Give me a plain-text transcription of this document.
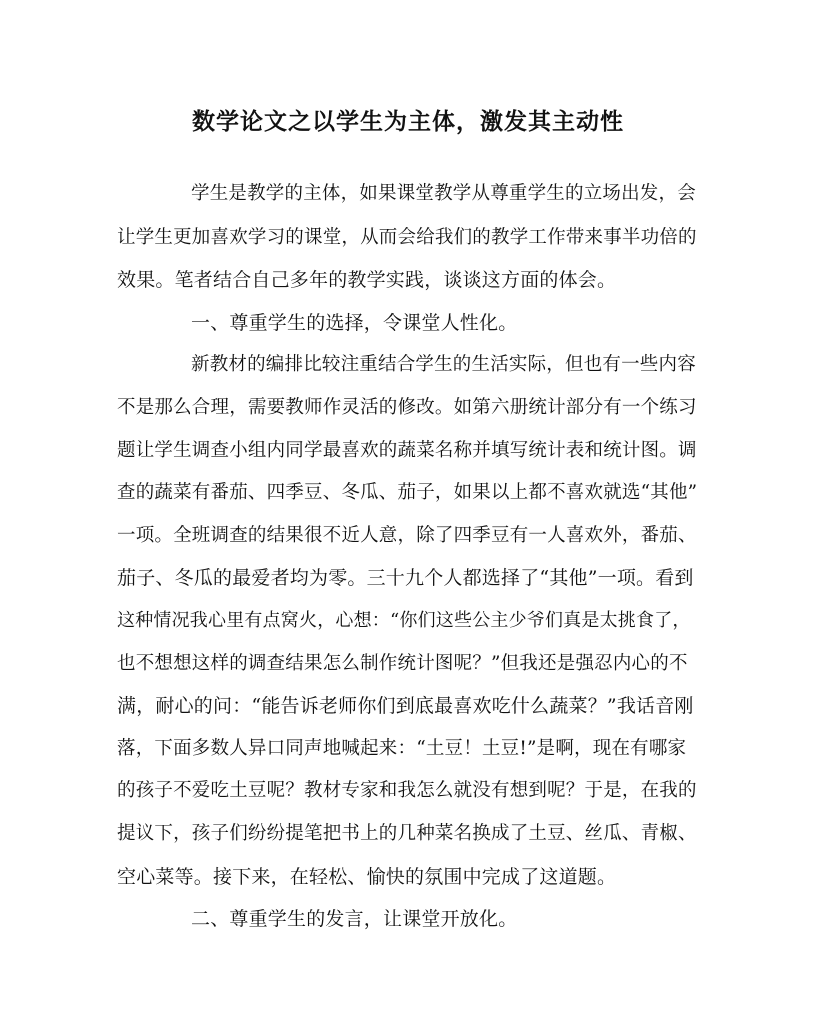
数学论文之以学生为主体，激发其主动性
学生是教学的主体，如果课堂教学从尊重学生的立场出发，会
让学生更加喜欢学习的课堂，从而会给我们的教学工作带来事半功倍的
效果。笔者结合自己多年的教学实践，谈谈这方面的体会。
一、尊重学生的选择，令课堂人性化。
新教材的编排比较注重结合学生的生活实际，但也有一些内容
不是那么合理，需要教师作灵活的修改。如第六册统计部分有一个练习
题让学生调查小组内同学最喜欢的蔬菜名称并填写统计表和统计图。调
查的蔬菜有番茄、四季豆、冬瓜、茄子，如果以上都不喜欢就选“其他”
一项。全班调查的结果很不近人意，除了四季豆有一人喜欢外，番茄、
茄子、冬瓜的最爱者均为零。三十九个人都选择了“其他”一项。看到
这种情况我心里有点窝火，心想：“你们这些公主少爷们真是太挑食了，
也不想想这样的调查结果怎么制作统计图呢？”但我还是强忍内心的不
满，耐心的问：“能告诉老师你们到底最喜欢吃什么蔬菜？”我话音刚
落，下面多数人异口同声地喊起来：“土豆！土豆!”是啊，现在有哪家
的孩子不爱吃土豆呢？教材专家和我怎么就没有想到呢？于是，在我的
提议下，孩子们纷纷提笔把书上的几种菜名换成了土豆、丝瓜、青椒、
空心菜等。接下来，在轻松、愉快的氛围中完成了这道题。
二、尊重学生的发言，让课堂开放化。
